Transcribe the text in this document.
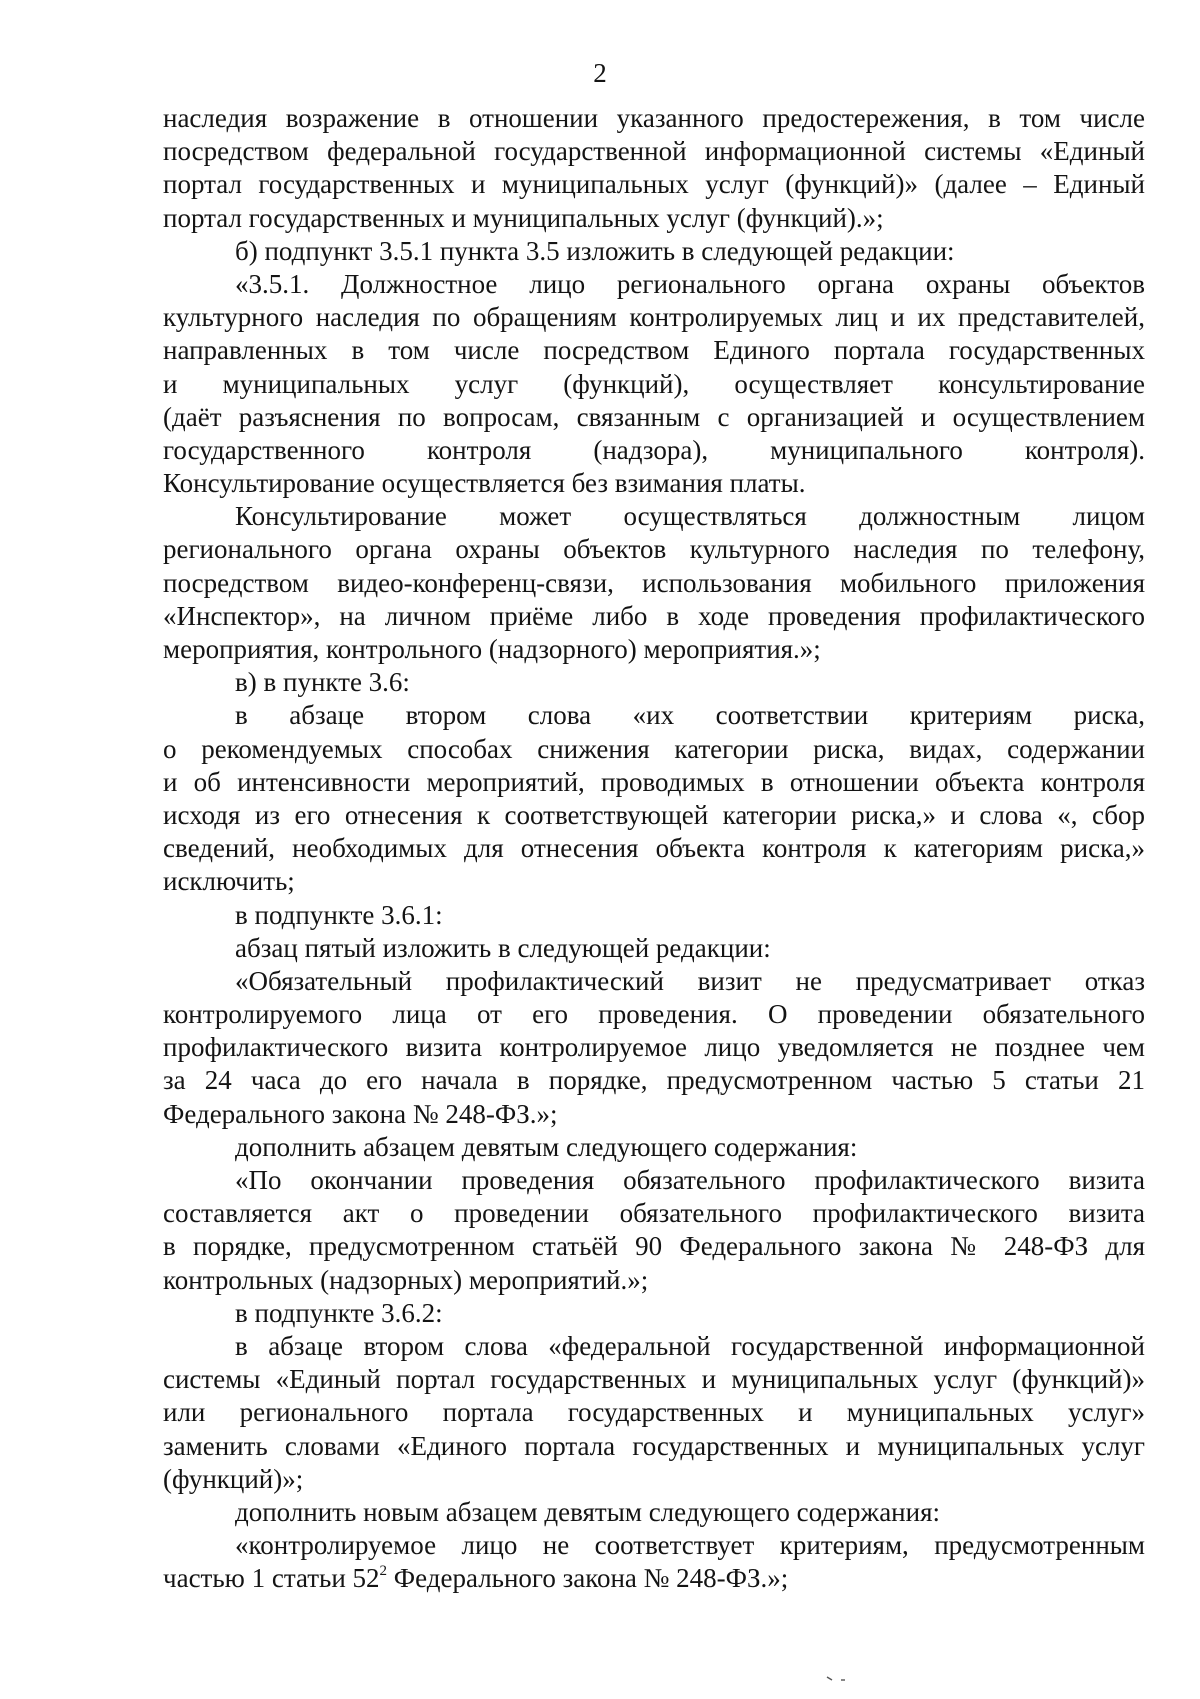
2
наследия возражение в отношении указанного предостережения, в том числе
посредством федеральной государственной информационной системы «Единый
портал государственных и муниципальных услуг (функций)» (далее – Единый
портал государственных и муниципальных услуг (функций).»;
б) подпункт 3.5.1 пункта 3.5 изложить в следующей редакции:
«3.5.1. Должностное лицо регионального органа охраны объектов
культурного наследия по обращениям контролируемых лиц и их представителей,
направленных в том числе посредством Единого портала государственных
и муниципальных услуг (функций), осуществляет консультирование
(даёт разъяснения по вопросам, связанным с организацией и осуществлением
государственного контроля (надзора), муниципального контроля).
Консультирование осуществляется без взимания платы.
Консультирование может осуществляться должностным лицом
регионального органа охраны объектов культурного наследия по телефону,
посредством видео-конференц-связи, использования мобильного приложения
«Инспектор», на личном приёме либо в ходе проведения профилактического
мероприятия, контрольного (надзорного) мероприятия.»;
в) в пункте 3.6:
в абзаце втором слова «их соответствии критериям риска,
о рекомендуемых способах снижения категории риска, видах, содержании
и об интенсивности мероприятий, проводимых в отношении объекта контроля
исходя из его отнесения к соответствующей категории риска,» и слова «, сбор
сведений, необходимых для отнесения объекта контроля к категориям риска,»
исключить;
в подпункте 3.6.1:
абзац пятый изложить в следующей редакции:
«Обязательный профилактический визит не предусматривает отказ
контролируемого лица от его проведения. О проведении обязательного
профилактического визита контролируемое лицо уведомляется не позднее чем
за 24 часа до его начала в порядке, предусмотренном частью 5 статьи 21
Федерального закона № 248-ФЗ.»;
дополнить абзацем девятым следующего содержания:
«По окончании проведения обязательного профилактического визита
составляется акт о проведении обязательного профилактического визита
в порядке, предусмотренном статьёй 90 Федерального закона № 248-ФЗ для
контрольных (надзорных) мероприятий.»;
в подпункте 3.6.2:
в абзаце втором слова «федеральной государственной информационной
системы «Единый портал государственных и муниципальных услуг (функций)»
или регионального портала государственных и муниципальных услуг»
заменить словами «Единого портала государственных и муниципальных услуг
(функций)»;
дополнить новым абзацем девятым следующего содержания:
«контролируемое лицо не соответствует критериям, предусмотренным
частью 1 статьи $52^2$ Федерального закона № 248-ФЗ.»;
